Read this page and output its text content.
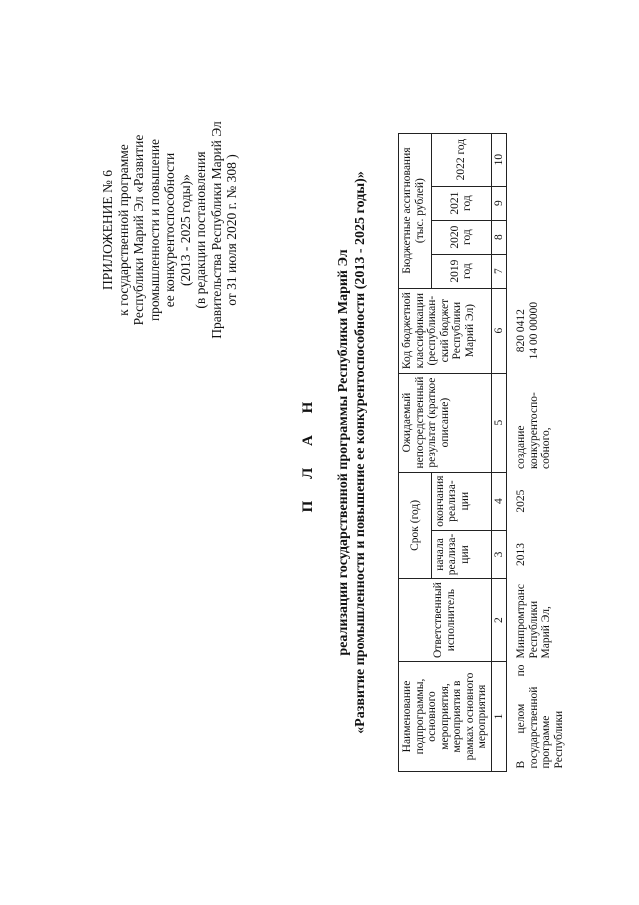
ПРИЛОЖЕНИЕ № 6 к государственной программе Республики Марий Эл «Развитие промышленности и повышение ее конкурентоспособности (2013 - 2025 годы)» (в редакции постановления Правительства Республики Марий Эл от 31 июля 2020 г. № 308 )
П Л А Н реализации государственной программы Республики Марий Эл «Развитие промышленности и повышение ее конкурентоспособности (2013 - 2025 годы)»	Наименование подпрограммы, основного мероприятия, мероприятия в рамках основного мероприятия	Ответственный исполнитель	Срок (год)		Ожидаемый непосредственный результат (краткое описание)	Код бюджетной классификации (республикан-ский бюджет Республики Марий Эл)	Бюджетные ассигнования (тыс. рублей)			
		начала реализа-ции	окончания реализа-ции			2019 год	2020 год	2021 год	2022 год
1	2	3	4	5	6	7	8	9	10
В целом по государственной программе Республики	Минпромтранс Республики Марий Эл,	2013	2025	создание конкурентоспо-собного,	820 0412 14 00 00000				
